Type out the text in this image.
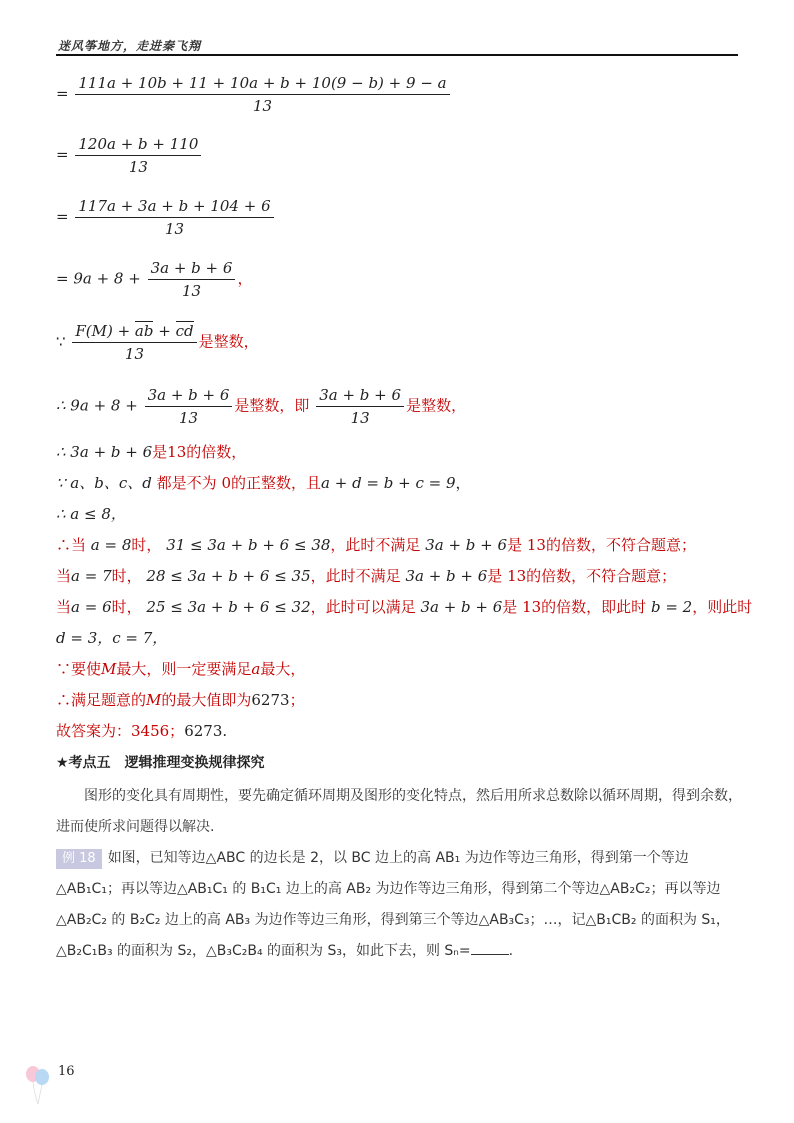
迷风筝地方，走进秦飞翔
= $\frac{111a + 10b + 11 + 10a + b + 10(9 - b) + 9 - a}{13}$
= $\frac{120a + b + 110}{13}$
= $\frac{117a + 3a + b + 104 + 6}{13}$
= $9a + 8 + \frac{3a + b + 6}{13}$ ，
∵ $\frac{F(M) + ab + cd}{13}$ 是整数，
∴ $9a + 8 + \frac{3a + b + 6}{13}$ 是整数，即 $\frac{3a + b + 6}{13}$ 是整数，
∴ 3a + b + 6是13的倍数，
∵ a、b、c、d 都是不为 0的正整数，且a + d = b + c = 9，
∴ a ≤ 8，
∴当 a = 8时， 31 ≤ 3a + b + 6 ≤ 38，此时不满足 3a + b + 6是 13的倍数，不符合题意；
当a = 7时， 28 ≤ 3a + b + 6 ≤ 35，此时不满足 3a + b + 6是 13的倍数，不符合题意；
当a = 6时， 25 ≤ 3a + b + 6 ≤ 32，此时可以满足 3a + b + 6是 13的倍数，即此时 b = 2，则此时
d = 3，c = 7，
∵要使M最大，则一定要满足a最大，
∴满足题意的M的最大值即为6273；
故答案为：3456；6273.
★考点五 逻辑推理变换规律探究
图形的变化具有周期性，要先确定循环周期及图形的变化特点，然后用所求总数除以循环周期，得到余数，进而使所求问题得以解决.
例 18 如图，已知等边△ABC 的边长是 2，以 BC 边上的高 AB₁ 为边作等边三角形，得到第一个等边△AB₁C₁；再以等边△AB₁C₁ 的 B₁C₁ 边上的高 AB₂ 为边作等边三角形，得到第二个等边△AB₂C₂；再以等边△AB₂C₂ 的 B₂C₂ 边上的高 AB₃ 为边作等边三角形，得到第三个等边△AB₃C₃；…，记△B₁CB₂ 的面积为 S₁，△B₂C₁B₃ 的面积为 S₂，△B₃C₂B₄ 的面积为 S₃，如此下去，则 Sₙ=	.
16
